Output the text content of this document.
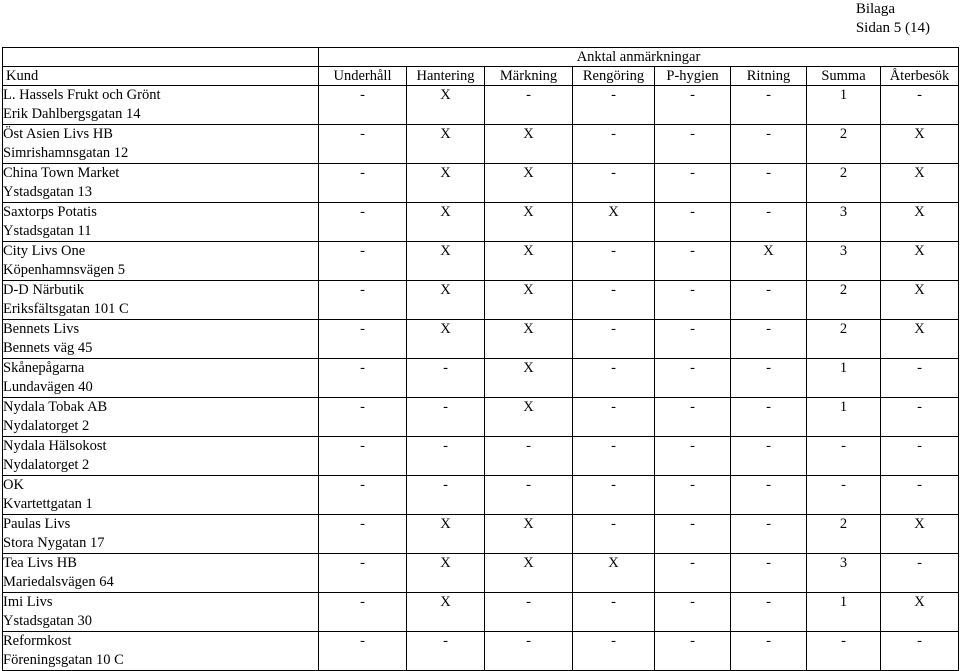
Bilaga
Sidan 5 (14)
	Anktal anmärkningar							
Kund	Underhåll	Hantering	Märkning	Rengöring	P-hygien	Ritning	Summa	Återbesök

L. Hassels Frukt och Grönt
Erik Dahlbergsgatan 14	-	X	-	-	-	-	1	-

Öst Asien Livs HB
Simrishamnsgatan 12	-	X	X	-	-	-	2	X

China Town Market
Ystadsgatan 13	-	X	X	-	-	-	2	X

Saxtorps Potatis
Ystadsgatan 11	-	X	X	X	-	-	3	X

City Livs One
Köpenhamnsvägen 5	-	X	X	-	-	X	3	X

D-D Närbutik
Eriksfältsgatan 101 C	-	X	X	-	-	-	2	X

Bennets Livs
Bennets väg 45	-	X	X	-	-	-	2	X

Skånepågarna
Lundavägen 40	-	-	X	-	-	-	1	-

Nydala Tobak AB
Nydalatorget 2	-	-	X	-	-	-	1	-

Nydala Hälsokost
Nydalatorget 2	-	-	-	-	-	-	-	-

OK
Kvartettgatan 1	-	-	-	-	-	-	-	-

Paulas Livs
Stora Nygatan 17	-	X	X	-	-	-	2	X

Tea Livs HB
Mariedalsvägen 64	-	X	X	X	-	-	3	-

Imi Livs
Ystadsgatan 30	-	X	-	-	-	-	1	X

Reformkost
Föreningsgatan 10 C	-	-	-	-	-	-	-	-
